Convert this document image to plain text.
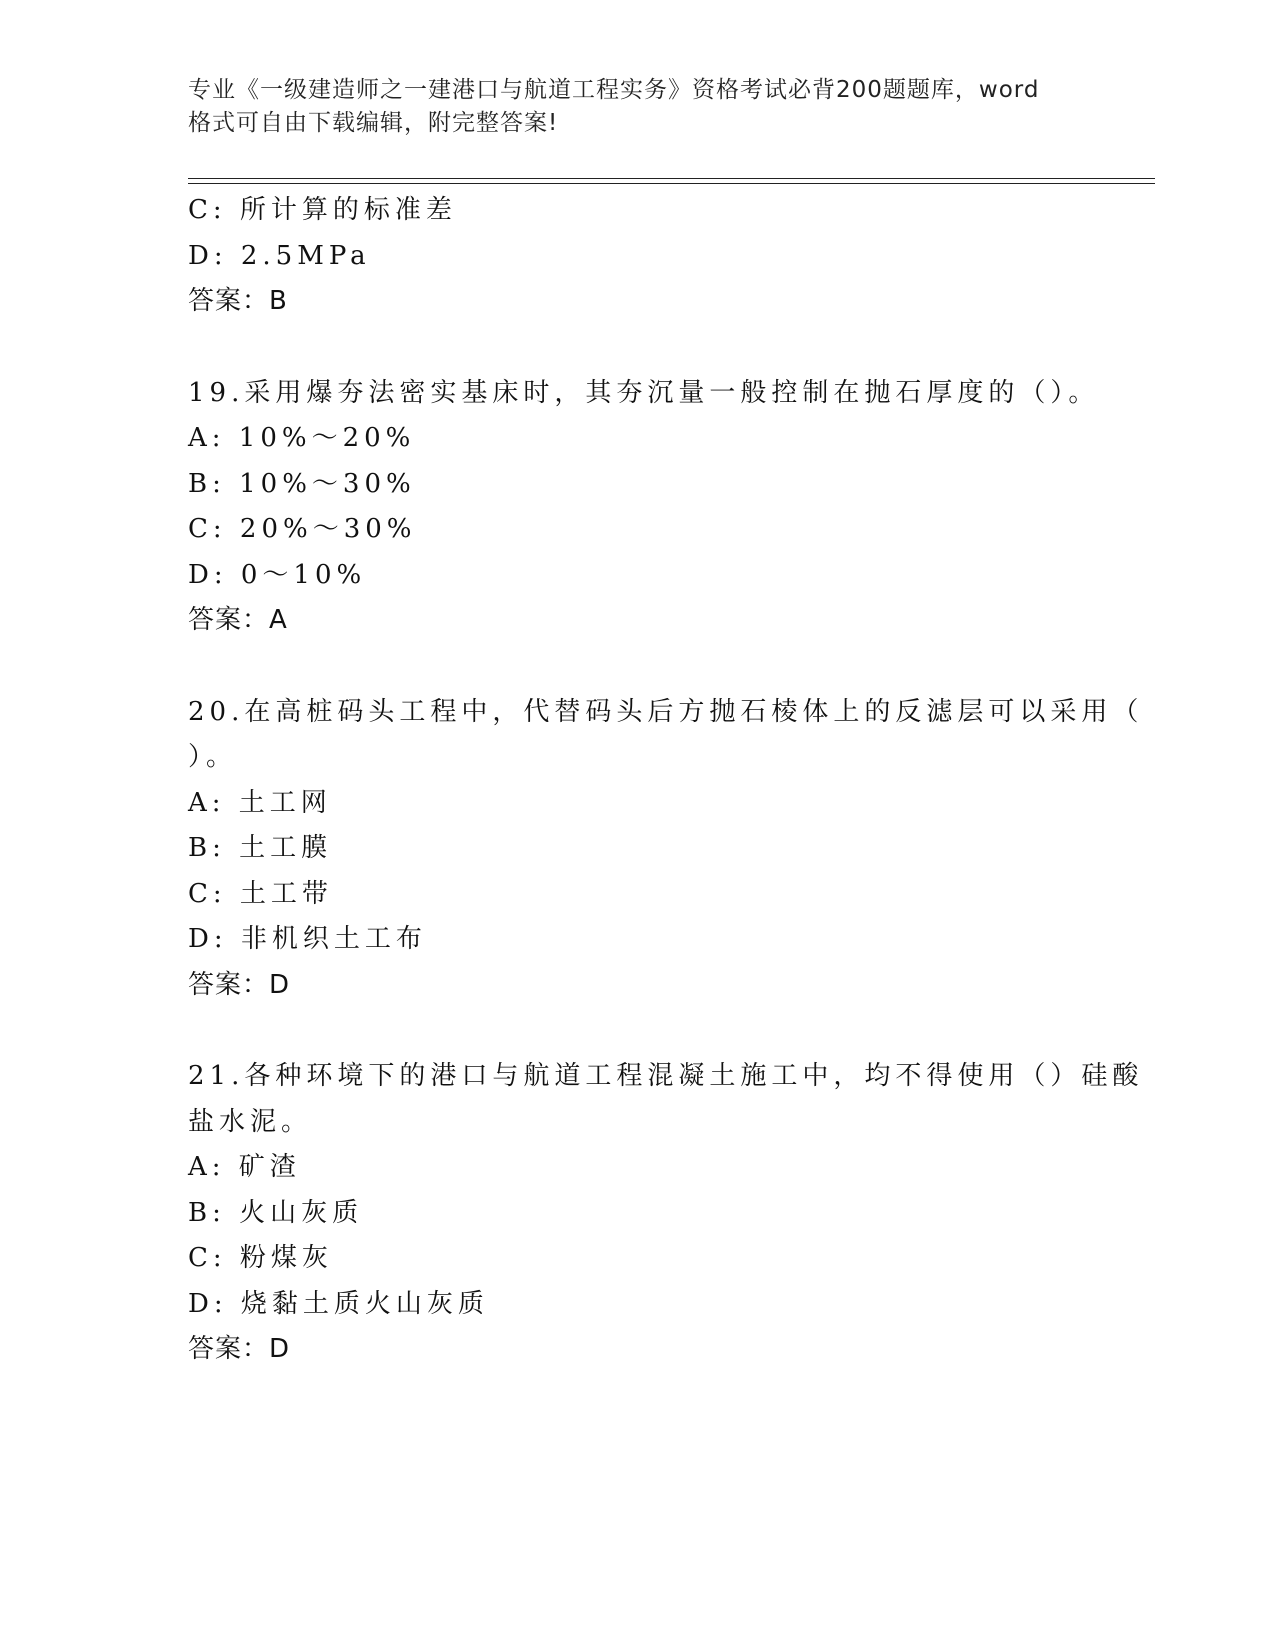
专业《一级建造师之一建港口与航道工程实务》资格考试必背200题题库，word
格式可自由下载编辑，附完整答案!
C: 所计算的标准差
D: 2.5MPa
答案：B
19.采用爆夯法密实基床时，其夯沉量一般控制在抛石厚度的（）。
A: 10%～20%
B: 10%～30%
C: 20%～30%
D: 0～10%
答案：A
20.在高桩码头工程中，代替码头后方抛石棱体上的反滤层可以采用（
）。
A: 土工网
B: 土工膜
C: 土工带
D: 非机织土工布
答案：D
21.各种环境下的港口与航道工程混凝土施工中，均不得使用（）硅酸
盐水泥。
A: 矿渣
B: 火山灰质
C: 粉煤灰
D: 烧黏土质火山灰质
答案：D
